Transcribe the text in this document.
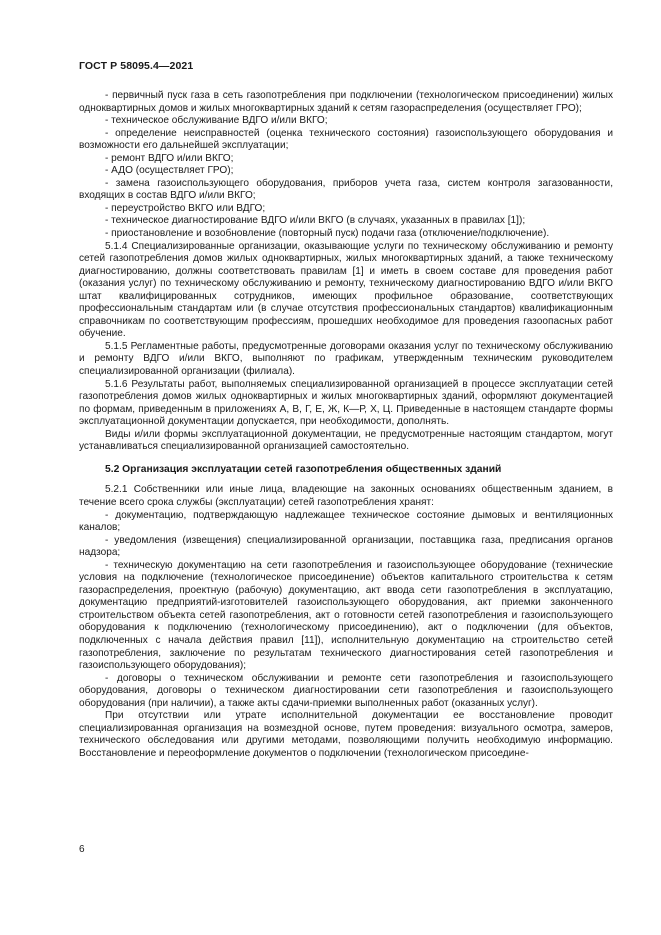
ГОСТ Р 58095.4—2021

- первичный пуск газа в сеть газопотребления при подключении (технологическом присоединении) жилых одноквартирных домов и жилых многоквартирных зданий к сетям газораспределения (осуществляет ГРО);

- техническое обслуживание ВДГО и/или ВКГО;

- определение неисправностей (оценка технического состояния) газоиспользующего оборудования и возможности его дальнейшей эксплуатации;

- ремонт ВДГО и/или ВКГО;

- АДО (осуществляет ГРО);

- замена газоиспользующего оборудования, приборов учета газа, систем контроля загазованности, входящих в состав ВДГО и/или ВКГО;

- переустройство ВКГО или ВДГО;

- техническое диагностирование ВДГО и/или ВКГО (в случаях, указанных в правилах [1]);

- приостановление и возобновление (повторный пуск) подачи газа (отключение/подключение).

5.1.4 Специализированные организации, оказывающие услуги по техническому обслуживанию и ремонту сетей газопотребления домов жилых одноквартирных, жилых многоквартирных зданий, а также техническому диагностированию, должны соответствовать правилам [1] и иметь в своем составе для проведения работ (оказания услуг) по техническому обслуживанию и ремонту, техническому диагностированию ВДГО и/или ВКГО штат квалифицированных сотрудников, имеющих профильное образование, соответствующих профессиональным стандартам или (в случае отсутствия профессиональных стандартов) квалификационным справочникам по соответствующим профессиям, прошедших необходимое для проведения газоопасных работ обучение.

5.1.5 Регламентные работы, предусмотренные договорами оказания услуг по техническому обслуживанию и ремонту ВДГО и/или ВКГО, выполняют по графикам, утвержденным техническим руководителем специализированной организации (филиала).

5.1.6 Результаты работ, выполняемых специализированной организацией в процессе эксплуатации сетей газопотребления домов жилых одноквартирных и жилых многоквартирных зданий, оформляют документацией по формам, приведенным в приложениях А, В, Г, Е, Ж, К—Р, Х, Ц. Приведенные в настоящем стандарте формы эксплуатационной документации допускается, при необходимости, дополнять.

Виды и/или формы эксплуатационной документации, не предусмотренные настоящим стандартом, могут устанавливаться специализированной организацией самостоятельно.

5.2 Организация эксплуатации сетей газопотребления общественных зданий

5.2.1 Собственники или иные лица, владеющие на законных основаниях общественным зданием, в течение всего срока службы (эксплуатации) сетей газопотребления хранят:

- документацию, подтверждающую надлежащее техническое состояние дымовых и вентиляционных каналов;

- уведомления (извещения) специализированной организации, поставщика газа, предписания органов надзора;

- техническую документацию на сети газопотребления и газоиспользующее оборудование (технические условия на подключение (технологическое присоединение) объектов капитального строительства к сетям газораспределения, проектную (рабочую) документацию, акт ввода сети газопотребления в эксплуатацию, документацию предприятий-изготовителей газоиспользующего оборудования, акт приемки законченного строительством объекта сетей газопотребления, акт о готовности сетей газопотребления и газоиспользующего оборудования к подключению (технологическому присоединению), акт о подключении (для объектов, подключенных с начала действия правил [11]), исполнительную документацию на строительство сетей газопотребления, заключение по результатам технического диагностирования сетей газопотребления и газоиспользующего оборудования);

- договоры о техническом обслуживании и ремонте сети газопотребления и газоиспользующего оборудования, договоры о техническом диагностировании сети газопотребления и газоиспользующего оборудования (при наличии), а также акты сдачи-приемки выполненных работ (оказанных услуг).

При отсутствии или утрате исполнительной документации ее восстановление проводит специализированная организация на возмездной основе, путем проведения: визуального осмотра, замеров, технического обследования или другими методами, позволяющими получить необходимую информацию. Восстановление и переоформление документов о подключении (технологическом присоедине-

6
